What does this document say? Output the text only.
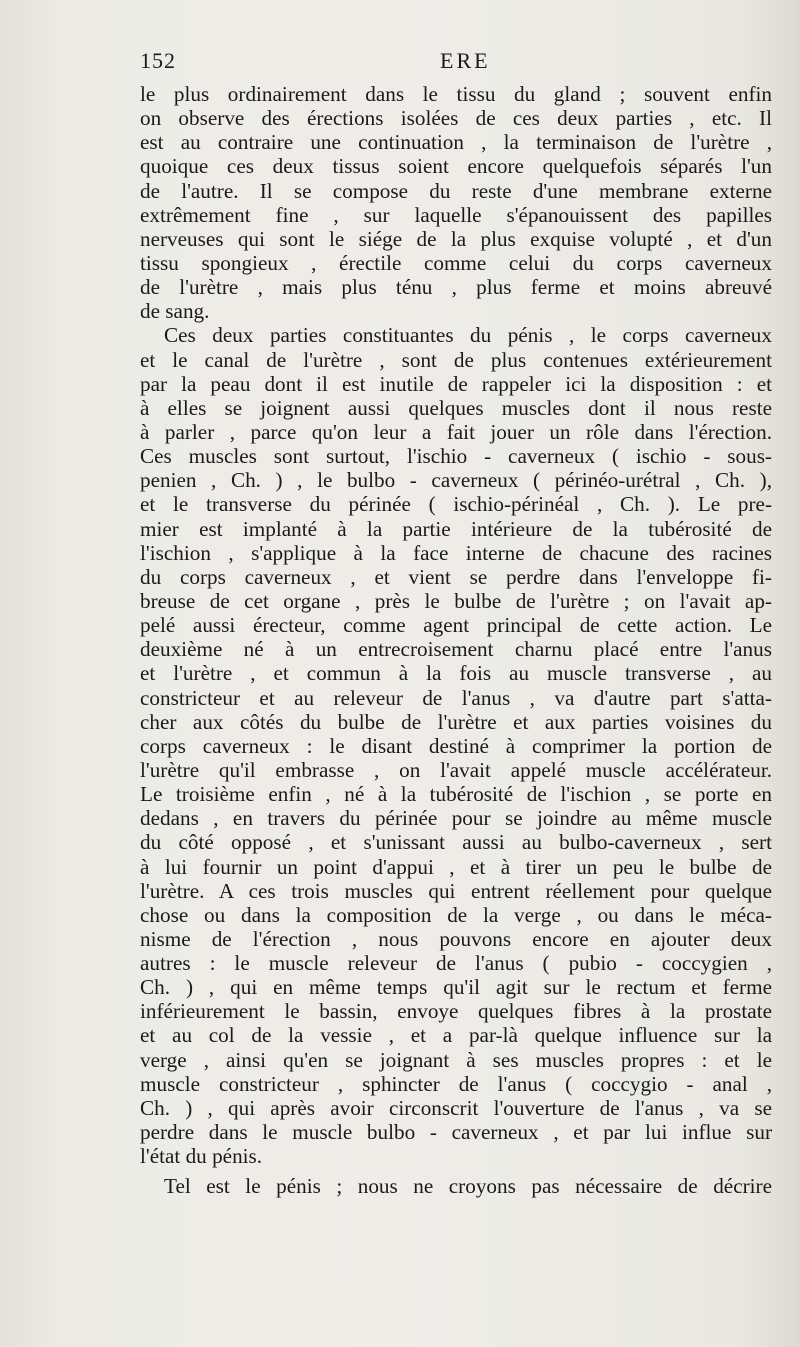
152	ERE
le plus ordinairement dans le tissu du gland ; souvent enfin
on observe des érections isolées de ces deux parties , etc. Il
est au contraire une continuation , la terminaison de l'urètre ,
quoique ces deux tissus soient encore quelquefois séparés l'un
de l'autre. Il se compose du reste d'une membrane externe
extrêmement fine , sur laquelle s'épanouissent des papilles
nerveuses qui sont le siége de la plus exquise volupté , et d'un
tissu spongieux , érectile comme celui du corps caverneux
de l'urètre , mais plus ténu , plus ferme et moins abreuvé
de sang.
Ces deux parties constituantes du pénis , le corps caverneux
et le canal de l'urètre , sont de plus contenues extérieurement
par la peau dont il est inutile de rappeler ici la disposition : et
à elles se joignent aussi quelques muscles dont il nous reste
à parler , parce qu'on leur a fait jouer un rôle dans l'érection.
Ces muscles sont surtout, l'ischio - caverneux ( ischio - sous-
penien , Ch. ) , le bulbo - caverneux ( périnéo-urétral , Ch. ),
et le transverse du périnée ( ischio-périnéal , Ch. ). Le pre-
mier est implanté à la partie intérieure de la tubérosité de
l'ischion , s'applique à la face interne de chacune des racines
du corps caverneux , et vient se perdre dans l'enveloppe fi-
breuse de cet organe , près le bulbe de l'urètre ; on l'avait ap-
pelé aussi érecteur, comme agent principal de cette action. Le
deuxième né à un entrecroisement charnu placé entre l'anus
et l'urètre , et commun à la fois au muscle transverse , au
constricteur et au releveur de l'anus , va d'autre part s'atta-
cher aux côtés du bulbe de l'urètre et aux parties voisines du
corps caverneux : le disant destiné à comprimer la portion de
l'urètre qu'il embrasse , on l'avait appelé muscle accélérateur.
Le troisième enfin , né à la tubérosité de l'ischion , se porte en
dedans , en travers du périnée pour se joindre au même muscle
du côté opposé , et s'unissant aussi au bulbo-caverneux , sert
à lui fournir un point d'appui , et à tirer un peu le bulbe de
l'urètre. A ces trois muscles qui entrent réellement pour quelque
chose ou dans la composition de la verge , ou dans le méca-
nisme de l'érection , nous pouvons encore en ajouter deux
autres : le muscle releveur de l'anus ( pubio - coccygien ,
Ch. ) , qui en même temps qu'il agit sur le rectum et ferme
inférieurement le bassin, envoye quelques fibres à la prostate
et au col de la vessie , et a par-là quelque influence sur la
verge , ainsi qu'en se joignant à ses muscles propres : et le
muscle constricteur , sphincter de l'anus ( coccygio - anal ,
Ch. ) , qui après avoir circonscrit l'ouverture de l'anus , va se
perdre dans le muscle bulbo - caverneux , et par lui influe sur
l'état du pénis.
Tel est le pénis ; nous ne croyons pas nécessaire de décrire
